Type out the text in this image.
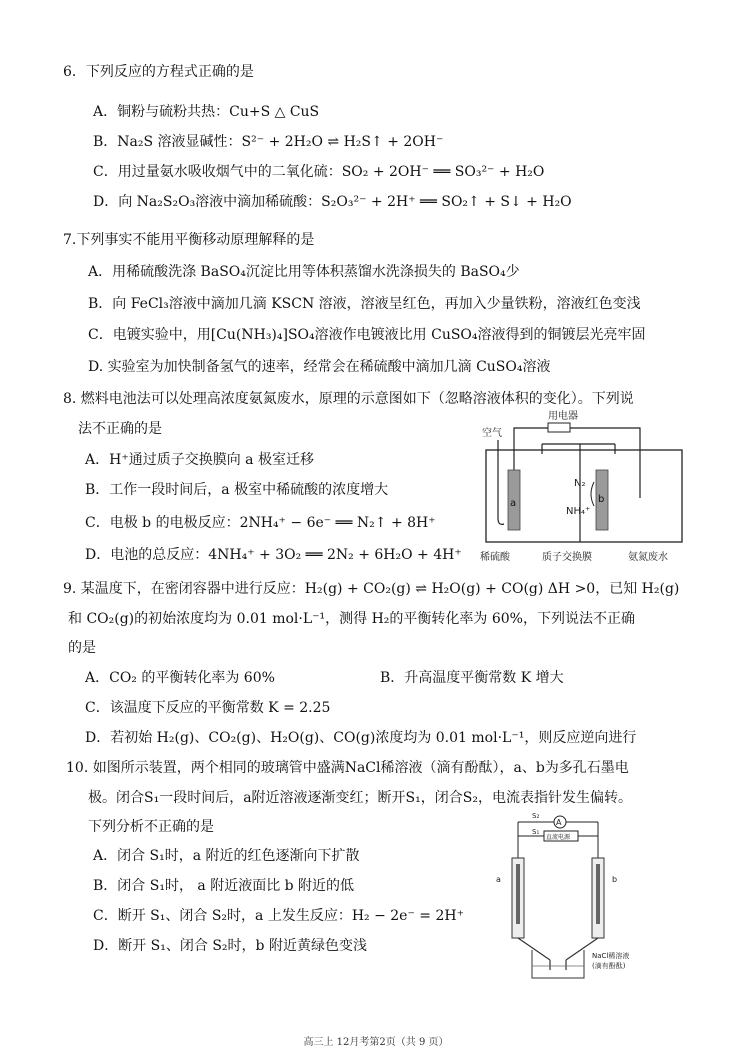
6．下列反应的方程式正确的是
A．铜粉与硫粉共热：Cu+S △ CuS
B．Na₂S 溶液显碱性：S²⁻ + 2H₂O ⇌ H₂S↑ + 2OH⁻
C．用过量氨水吸收烟气中的二氧化硫：SO₂ + 2OH⁻ ══ SO₃²⁻ + H₂O
D．向 Na₂S₂O₃溶液中滴加稀硫酸：S₂O₃²⁻ + 2H⁺ ══ SO₂↑ + S↓ + H₂O
7.下列事实不能用平衡移动原理解释的是
A．用稀硫酸洗涤 BaSO₄沉淀比用等体积蒸馏水洗涤损失的 BaSO₄少
B．向 FeCl₃溶液中滴加几滴 KSCN 溶液，溶液呈红色，再加入少量铁粉，溶液红色变浅
C．电镀实验中，用[Cu(NH₃)₄]SO₄溶液作电镀液比用 CuSO₄溶液得到的铜镀层光亮牢固
D. 实验室为加快制备氢气的速率，经常会在稀硫酸中滴加几滴 CuSO₄溶液
8. 燃料电池法可以处理高浓度氨氮废水，原理的示意图如下（忽略溶液体积的变化）。下列说
法不正确的是
A．H⁺通过质子交换膜向 a 极室迁移
B．工作一段时间后，a 极室中稀硫酸的浓度增大
C．电极 b 的电极反应：2NH₄⁺ − 6e⁻ ══ N₂↑ + 8H⁺
D．电池的总反应：4NH₄⁺ + 3O₂ ══ 2N₂ + 6H₂O + 4H⁺
用电器
a	b
空气
N₂
NH₄⁺
稀硫酸	质子交换膜	氨氮废水
9. 某温度下，在密闭容器中进行反应：H₂(g) + CO₂(g) ⇌ H₂O(g) + CO(g) ΔH >0，已知 H₂(g)
和 CO₂(g)的初始浓度均为 0.01 mol·L⁻¹，测得 H₂的平衡转化率为 60%，下列说法不正确
的是
A．CO₂ 的平衡转化率为 60%	B．升高温度平衡常数 K 增大
C．该温度下反应的平衡常数 K = 2.25
D．若初始 H₂(g)、CO₂(g)、H₂O(g)、CO(g)浓度均为 0.01 mol·L⁻¹，则反应逆向进行
10. 如图所示装置，两个相同的玻璃管中盛满NaCl稀溶液（滴有酚酞），a、b为多孔石墨电
极。闭合S₁一段时间后，a附近溶液逐渐变红；断开S₁，闭合S₂，电流表指针发生偏转。
下列分析不正确的是
A．闭合 S₁时，a 附近的红色逐渐向下扩散
B．闭合 S₁时， a 附近液面比 b 附近的低
C．断开 S₁、闭合 S₂时，a 上发生反应：H₂ − 2e⁻ = 2H⁺
D．断开 S₁、闭合 S₂时，b 附近黄绿色变浅
A
S₂
S₁
直流电源
a	b
NaCl稀溶液
(滴有酚酞)
高三上 12月考第2页（共 9 页）
